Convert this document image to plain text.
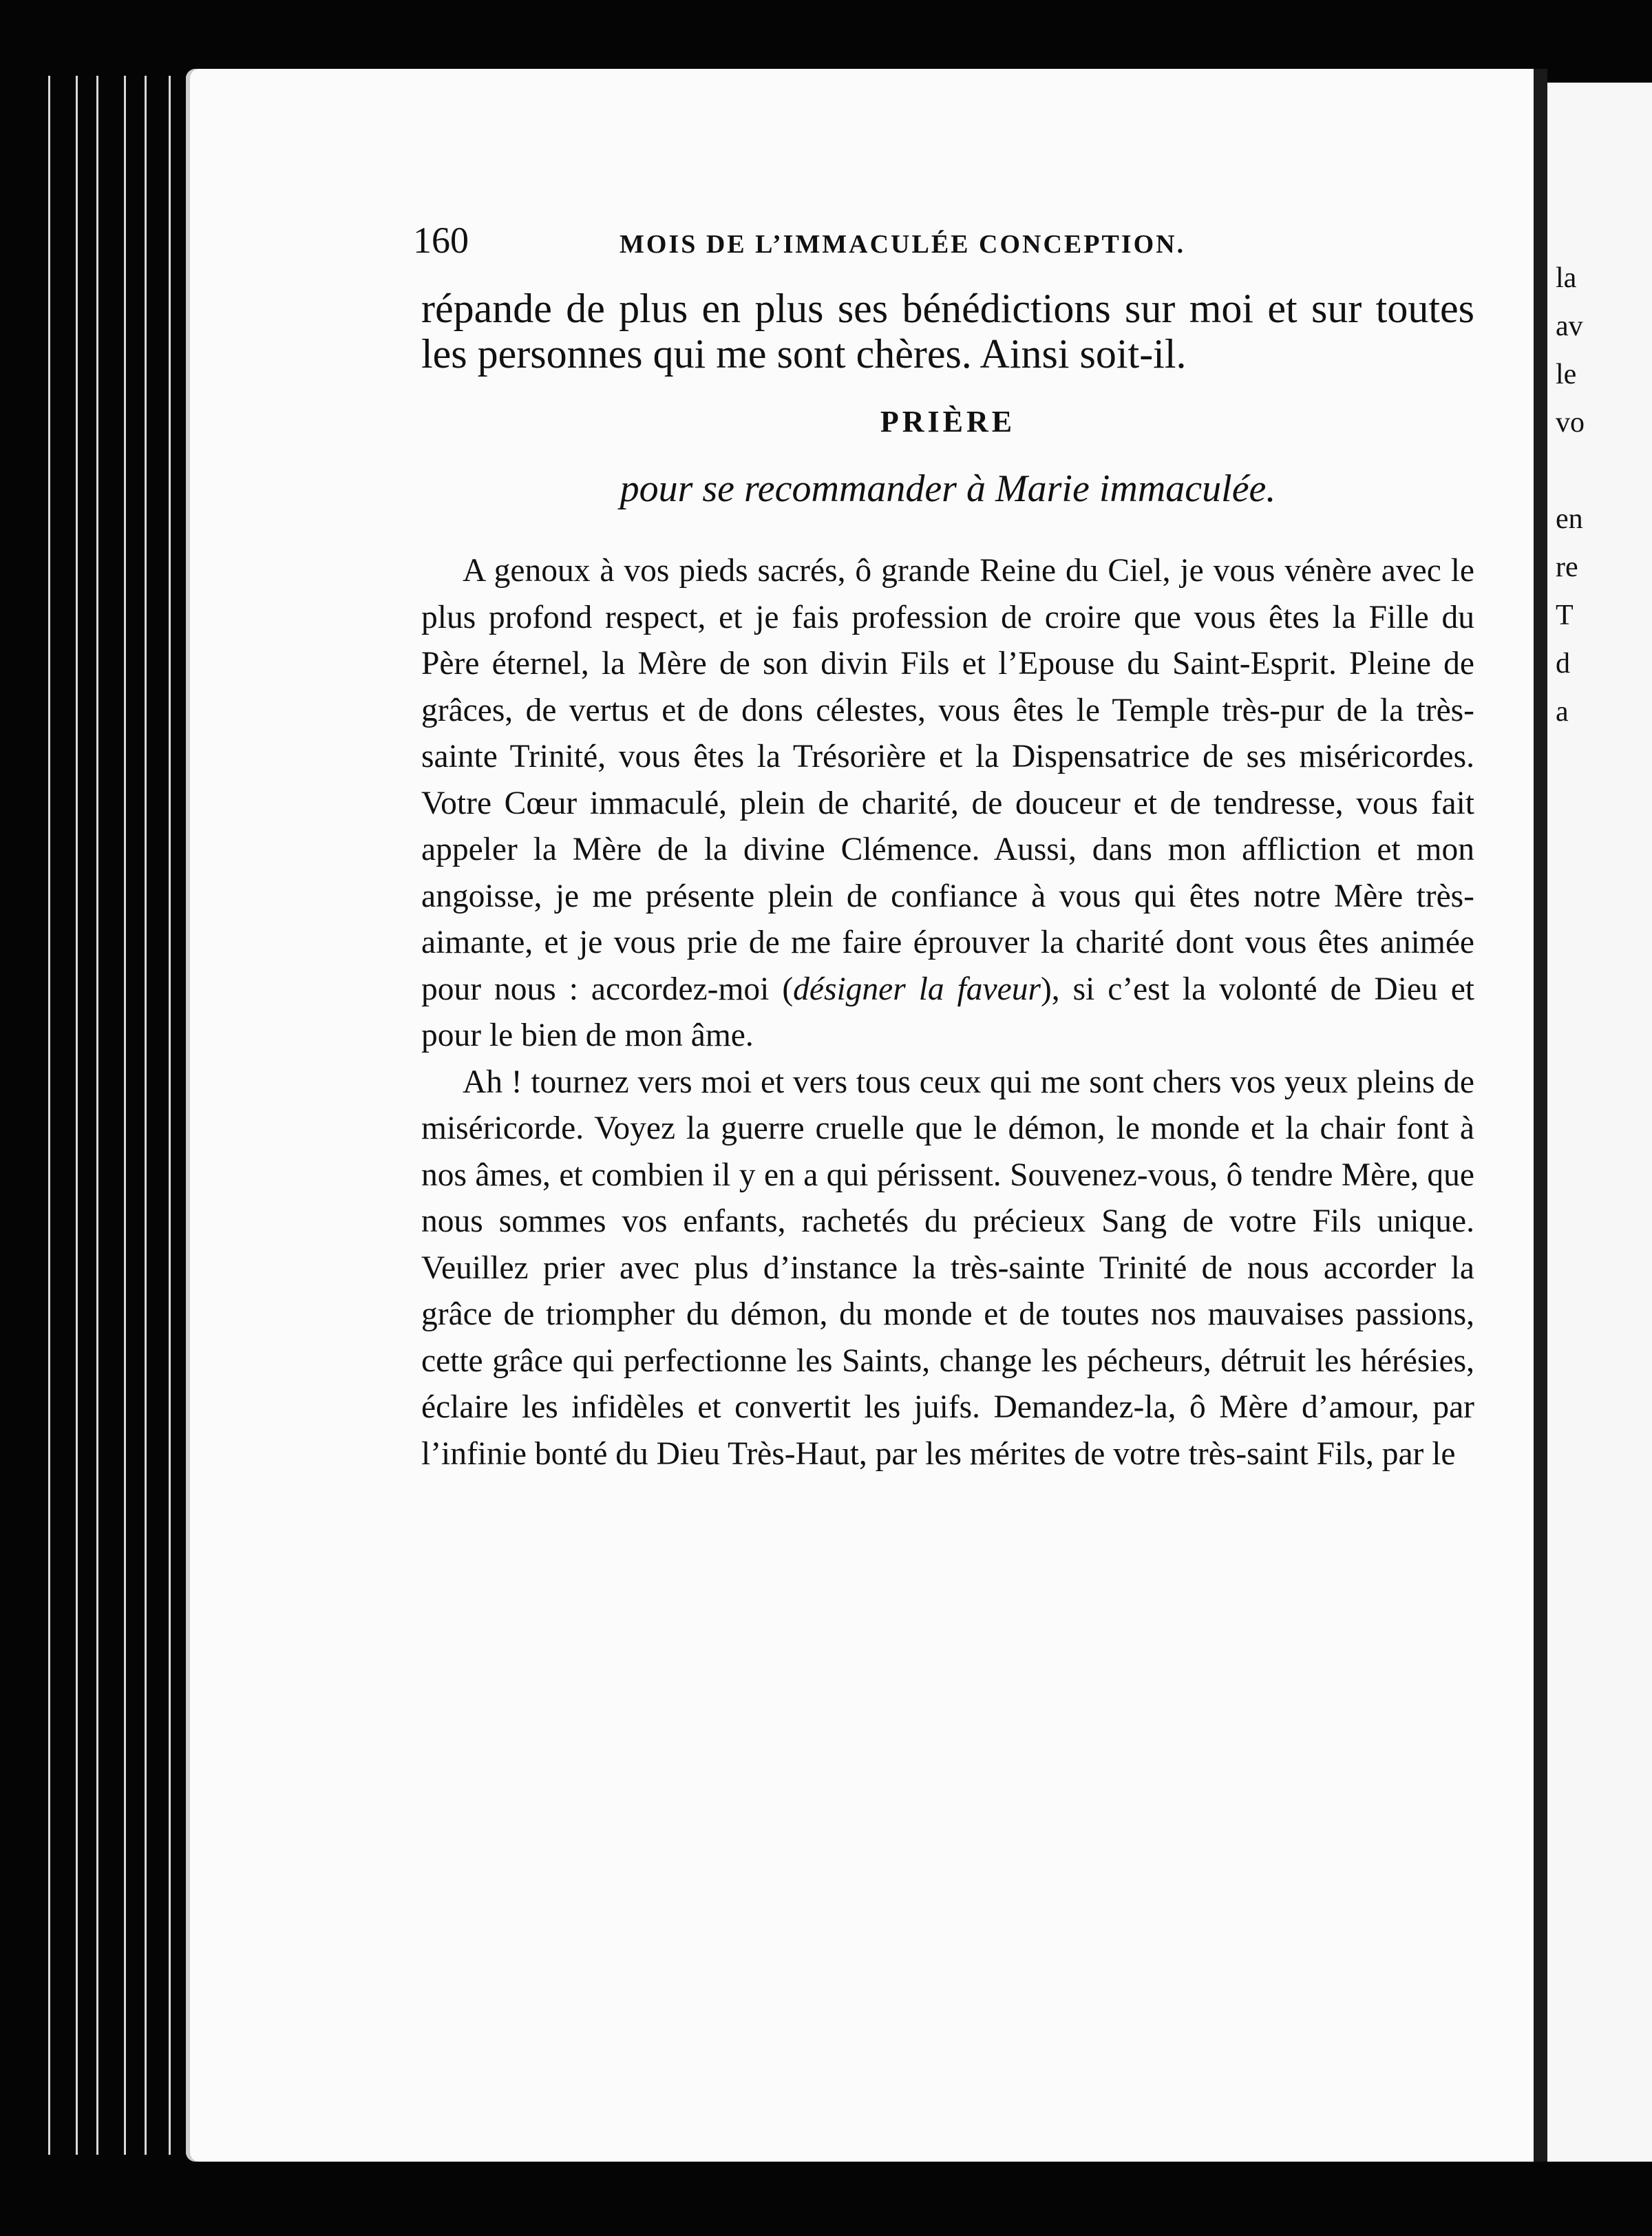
la
av
le
vo
en
re
T
d
a
160	MOIS DE L’IMMACULÉE CONCEPTION.

répande de plus en plus ses bénédictions sur moi et sur toutes les personnes qui me sont chères. Ainsi soit-il.

PRIÈRE
pour se recommander à Marie immaculée.

A genoux à vos pieds sacrés, ô grande Reine du Ciel, je vous vénère avec le plus profond respect, et je fais profession de croire que vous êtes la Fille du Père éternel, la Mère de son divin Fils et l’Epouse du Saint-Esprit. Pleine de grâces, de vertus et de dons célestes, vous êtes le Temple très-pur de la très-sainte Trinité, vous êtes la Trésorière et la Dispensatrice de ses miséricordes. Votre Cœur immaculé, plein de charité, de douceur et de tendresse, vous fait appeler la Mère de la divine Clémence. Aussi, dans mon affliction et mon angoisse, je me présente plein de confiance à vous qui êtes notre Mère très-aimante, et je vous prie de me faire éprouver la charité dont vous êtes animée pour nous : accordez-moi (désigner la faveur), si c’est la volonté de Dieu et pour le bien de mon âme.

Ah ! tournez vers moi et vers tous ceux qui me sont chers vos yeux pleins de miséricorde. Voyez la guerre cruelle que le démon, le monde et la chair font à nos âmes, et combien il y en a qui périssent. Souvenez-vous, ô tendre Mère, que nous sommes vos enfants, rachetés du précieux Sang de votre Fils unique. Veuillez prier avec plus d’instance la très-sainte Trinité de nous accorder la grâce de triompher du démon, du monde et de toutes nos mauvaises passions, cette grâce qui perfectionne les Saints, change les pécheurs, détruit les hérésies, éclaire les infidèles et convertit les juifs. Demandez-la, ô Mère d’amour, par l’infinie bonté du Dieu Très-Haut, par les mérites de votre très-saint Fils, par le
